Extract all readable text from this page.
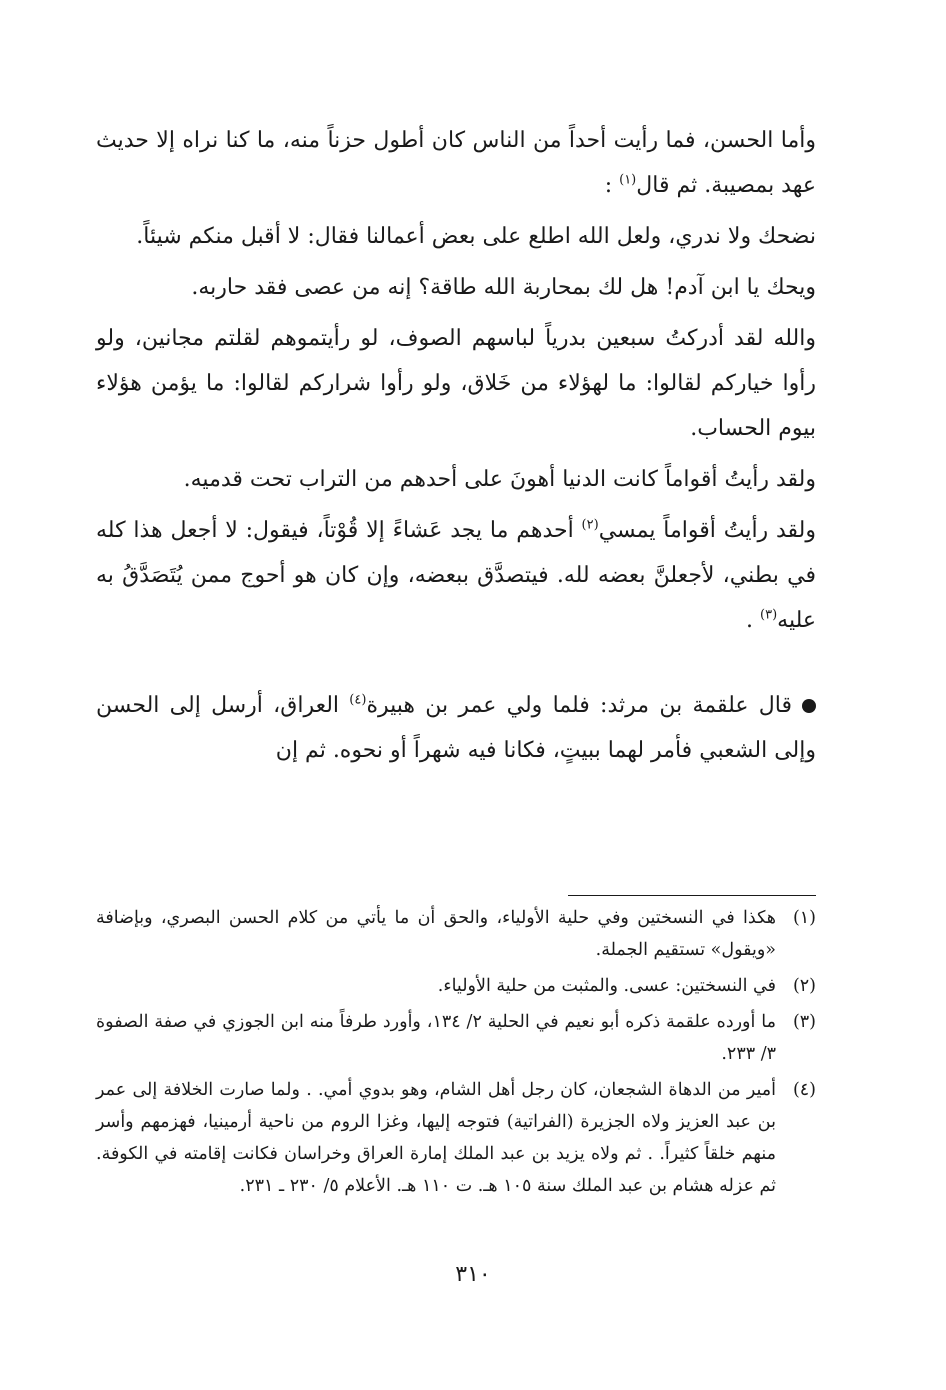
وأما الحسن، فما رأيت أحداً من الناس كان أطول حزناً منه، ما كنا نراه إلا حديث عهد بمصيبة. ثم قال$^{(١)}$ :

نضحك ولا ندري، ولعل الله اطلع على بعض أعمالنا فقال: لا أقبل منكم شيئاً.

ويحك يا ابن آدم! هل لك بمحاربة الله طاقة؟ إنه من عصى فقد حاربه.

والله لقد أدركتُ سبعين بدرياً لباسهم الصوف، لو رأيتموهم لقلتم مجانين، ولو رأوا خياركم لقالوا: ما لهؤلاء من خَلاق، ولو رأوا شراركم لقالوا: ما يؤمن هؤلاء بيوم الحساب.

ولقد رأيتُ أقواماً كانت الدنيا أهونَ على أحدهم من التراب تحت قدميه.

ولقد رأيتُ أقواماً يمسي$^{(٢)}$ أحدهم ما يجد عَشاءً إلا قُوْتاً، فيقول: لا أجعل هذا كله في بطني، لأجعلنَّ بعضه لله. فيتصدَّق ببعضه، وإن كان هو أحوج ممن يُتَصَدَّقُ به عليه$^{(٣)}$ .

قال علقمة بن مرثد: فلما ولي عمر بن هبيرة$^{(٤)}$ العراق، أرسل إلى الحسن وإلى الشعبي فأمر لهما ببيتٍ، فكانا فيه شهراً أو نحوه. ثم إن

(١)
هكذا في النسختين وفي حلية الأولياء، والحق أن ما يأتي من كلام الحسن البصري، وبإضافة «ويقول» تستقيم الجملة.
(٢)
في النسختين: عسى. والمثبت من حلية الأولياء.
(٣)
ما أورده علقمة ذكره أبو نعيم في الحلية ٢/ ١٣٤، وأورد طرفاً منه ابن الجوزي في صفة الصفوة ٣/ ٢٣٣.
(٤)
أمير من الدهاة الشجعان، كان رجل أهل الشام، وهو بدوي أمي. . ولما صارت الخلافة إلى عمر بن عبد العزيز ولاه الجزيرة (الفراتية) فتوجه إليها، وغزا الروم من ناحية أرمينيا، فهزمهم وأسر منهم خلقاً كثيراً. . ثم ولاه يزيد بن عبد الملك إمارة العراق وخراسان فكانت إقامته في الكوفة. ثم عزله هشام بن عبد الملك سنة ١٠٥ هـ. ت ١١٠ هـ. الأعلام ٥/ ٢٣٠ ـ ٢٣١.
٣١٠
